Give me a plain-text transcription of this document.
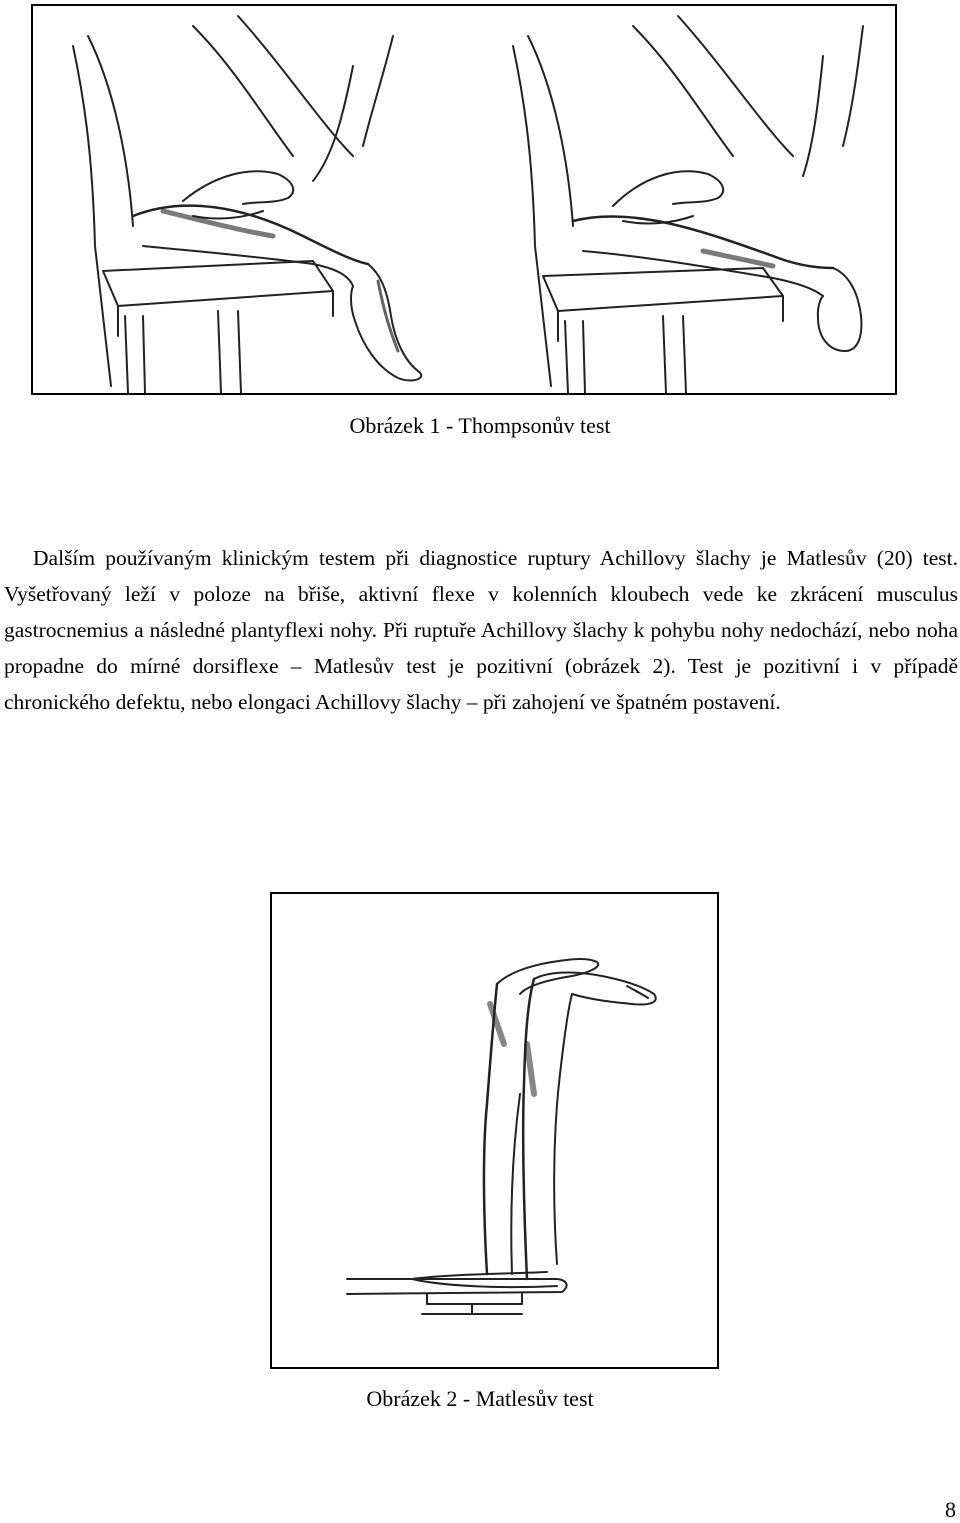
Obrázek 1 - Thompsonův test

Dalším používaným klinickým testem při diagnostice ruptury Achillovy šlachy je Matlesův (20) test. Vyšetřovaný leží v poloze na břiše, aktivní flexe v kolenních kloubech vede ke zkrácení musculus gastrocnemius a následné plantyflexi nohy. Při ruptuře Achillovy šlachy k pohybu nohy nedochází, nebo noha propadne do mírné dorsiflexe – Matlesův test je pozitivní (obrázek 2). Test je pozitivní i v případě chronického defektu, nebo elongaci Achillovy šlachy – při zahojení ve špatném postavení.

Obrázek 2 - Matlesův test
8
